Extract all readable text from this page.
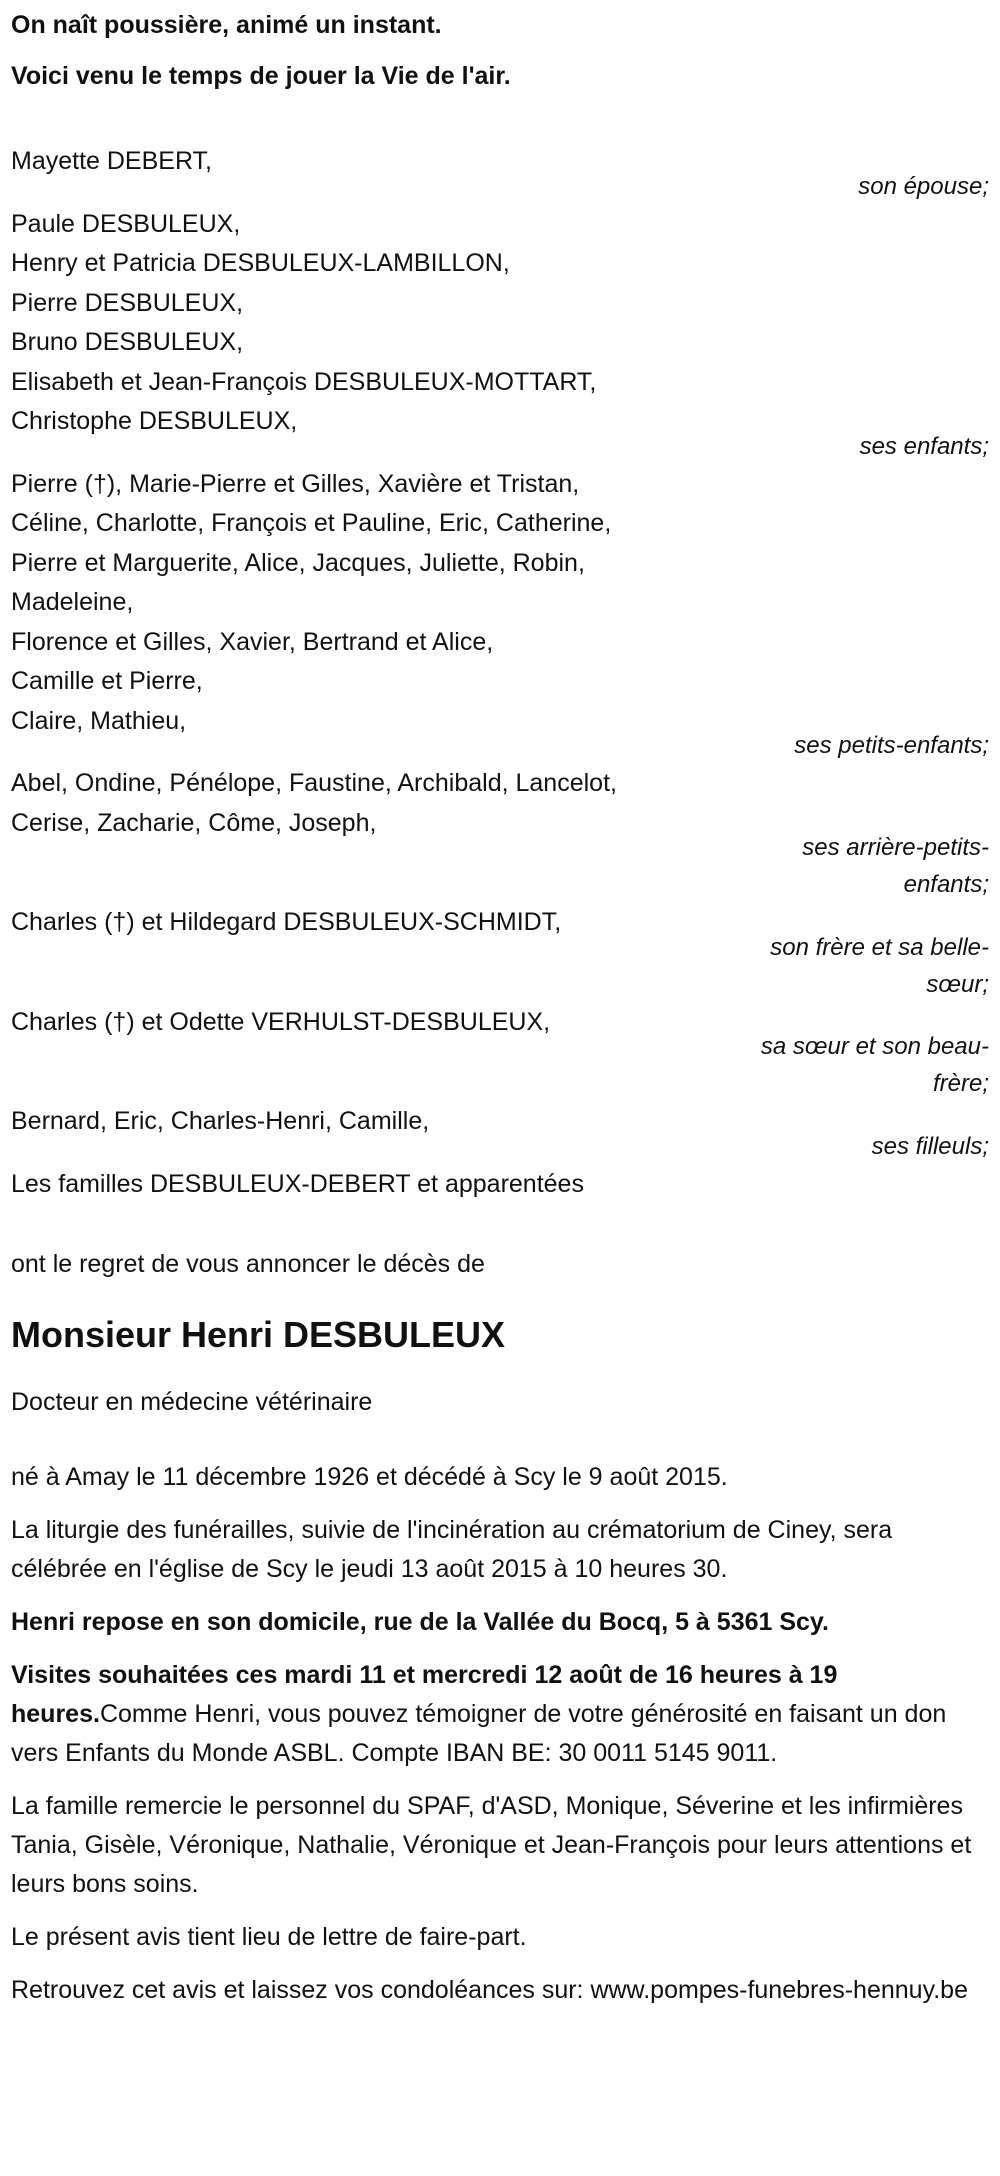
On naît poussière, animé un instant.
Voici venu le temps de jouer la Vie de l'air.
Mayette DEBERT,
son épouse;
Paule DESBULEUX,
Henry et Patricia DESBULEUX-LAMBILLON,
Pierre DESBULEUX,
Bruno DESBULEUX,
Elisabeth et Jean-François DESBULEUX-MOTTART,
Christophe DESBULEUX,
ses enfants;
Pierre (†), Marie-Pierre et Gilles, Xavière et Tristan,
Céline, Charlotte, François et Pauline, Eric, Catherine,
Pierre et Marguerite, Alice, Jacques, Juliette, Robin,
Madeleine,
Florence et Gilles, Xavier, Bertrand et Alice,
Camille et Pierre,
Claire, Mathieu,
ses petits-enfants;
Abel, Ondine, Pénélope, Faustine, Archibald, Lancelot,
Cerise, Zacharie, Côme, Joseph,
ses arrière-petits-enfants;
Charles (†) et Hildegard DESBULEUX-SCHMIDT,
son frère et sa belle-sœur;
Charles (†) et Odette VERHULST-DESBULEUX,
sa sœur et son beau-frère;
Bernard, Eric, Charles-Henri, Camille,
ses filleuls;
Les familles DESBULEUX-DEBERT et apparentées
ont le regret de vous annoncer le décès de
Monsieur Henri DESBULEUX
Docteur en médecine vétérinaire
né à Amay le 11 décembre 1926 et décédé à Scy le 9 août 2015.
La liturgie des funérailles, suivie de l'incinération au crématorium de Ciney, sera célébrée en l'église de Scy le jeudi 13 août 2015 à 10 heures 30.
Henri repose en son domicile, rue de la Vallée du Bocq, 5 à 5361 Scy.
Visites souhaitées ces mardi 11 et mercredi 12 août de 16 heures à 19 heures.Comme Henri, vous pouvez témoigner de votre générosité en faisant un don vers Enfants du Monde ASBL. Compte IBAN BE: 30 0011 5145 9011.
La famille remercie le personnel du SPAF, d'ASD, Monique, Séverine et les infirmières Tania, Gisèle, Véronique, Nathalie, Véronique et Jean-François pour leurs attentions et leurs bons soins.
Le présent avis tient lieu de lettre de faire-part.
Retrouvez cet avis et laissez vos condoléances sur: www.pompes-funebres-hennuy.be
